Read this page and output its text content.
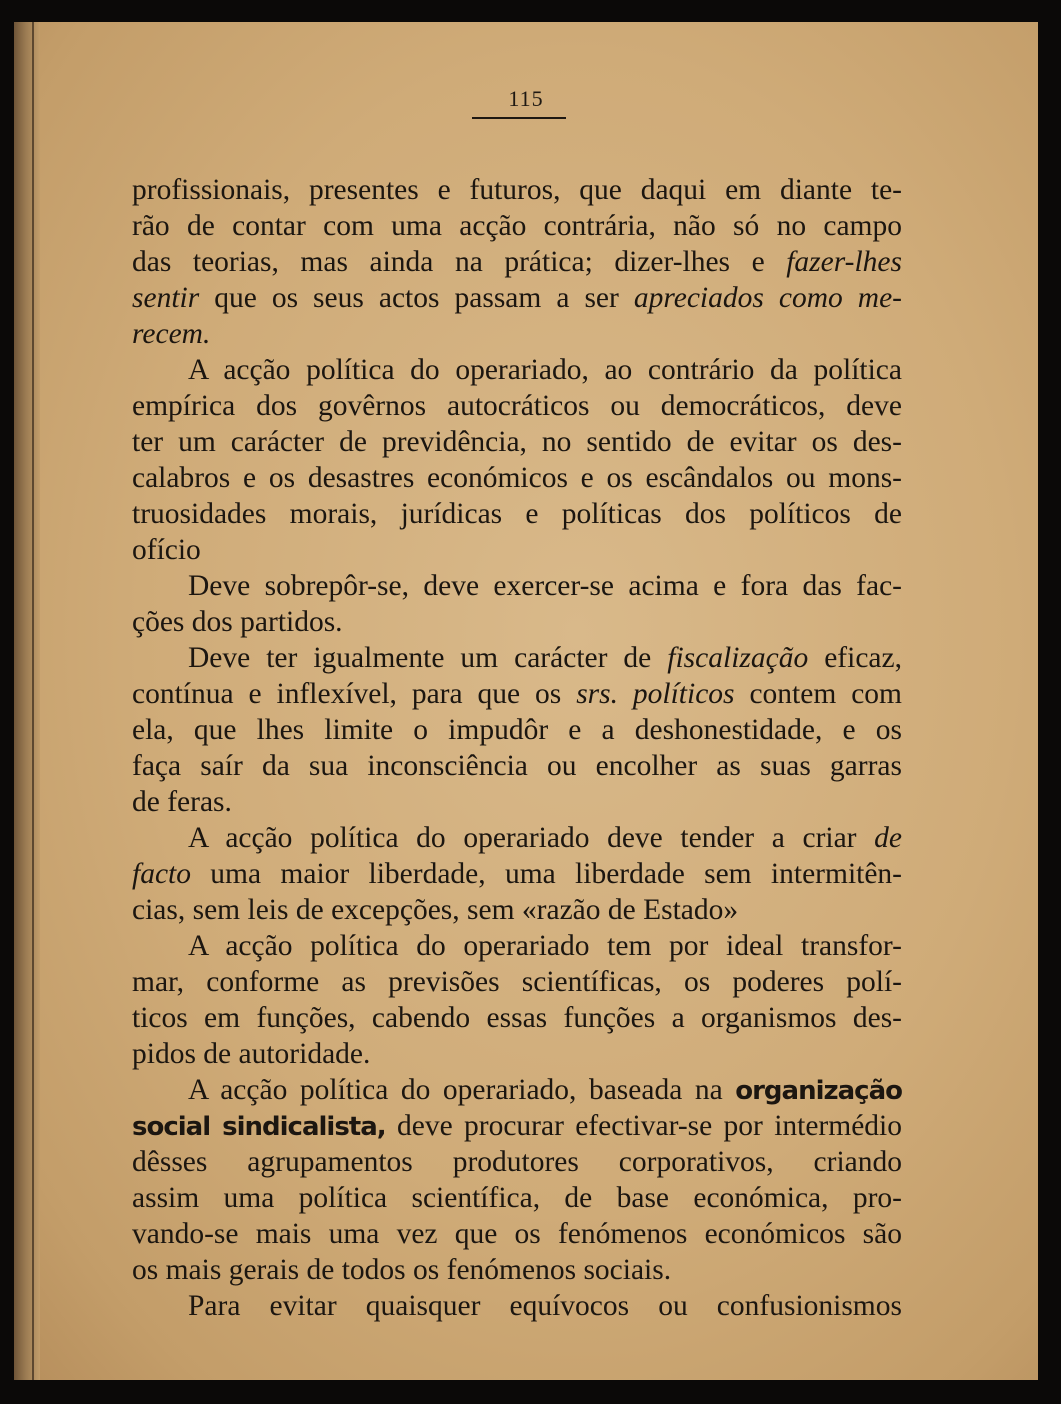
115
profissionais, presentes e futuros, que daqui em diante te-
rão de contar com uma acção contrária, não só no campo
das teorias, mas ainda na prática; dizer-lhes e fazer-lhes
sentir que os seus actos passam a ser apreciados como me-
recem.
A acção política do operariado, ao contrário da política
empírica dos govêrnos autocráticos ou democráticos, deve
ter um carácter de previdência, no sentido de evitar os des-
calabros e os desastres económicos e os escândalos ou mons-
truosidades morais, jurídicas e políticas dos políticos de
ofício
Deve sobrepôr-se, deve exercer-se acima e fora das fac-
ções dos partidos.
Deve ter igualmente um carácter de fiscalização eficaz,
contínua e inflexível, para que os srs. políticos contem com
ela, que lhes limite o impudôr e a deshonestidade, e os
faça saír da sua inconsciência ou encolher as suas garras
de feras.
A acção política do operariado deve tender a criar de
facto uma maior liberdade, uma liberdade sem intermitên-
cias, sem leis de excepções, sem «razão de Estado»
A acção política do operariado tem por ideal transfor-
mar, conforme as previsões scientíficas, os poderes polí-
ticos em funções, cabendo essas funções a organismos des-
pidos de autoridade.
A acção política do operariado, baseada na organização
social sindicalista, deve procurar efectivar-se por intermédio
dêsses agrupamentos produtores corporativos, criando
assim uma política scientífica, de base económica, pro-
vando-se mais uma vez que os fenómenos económicos são
os mais gerais de todos os fenómenos sociais.
Para evitar quaisquer equívocos ou confusionismos
